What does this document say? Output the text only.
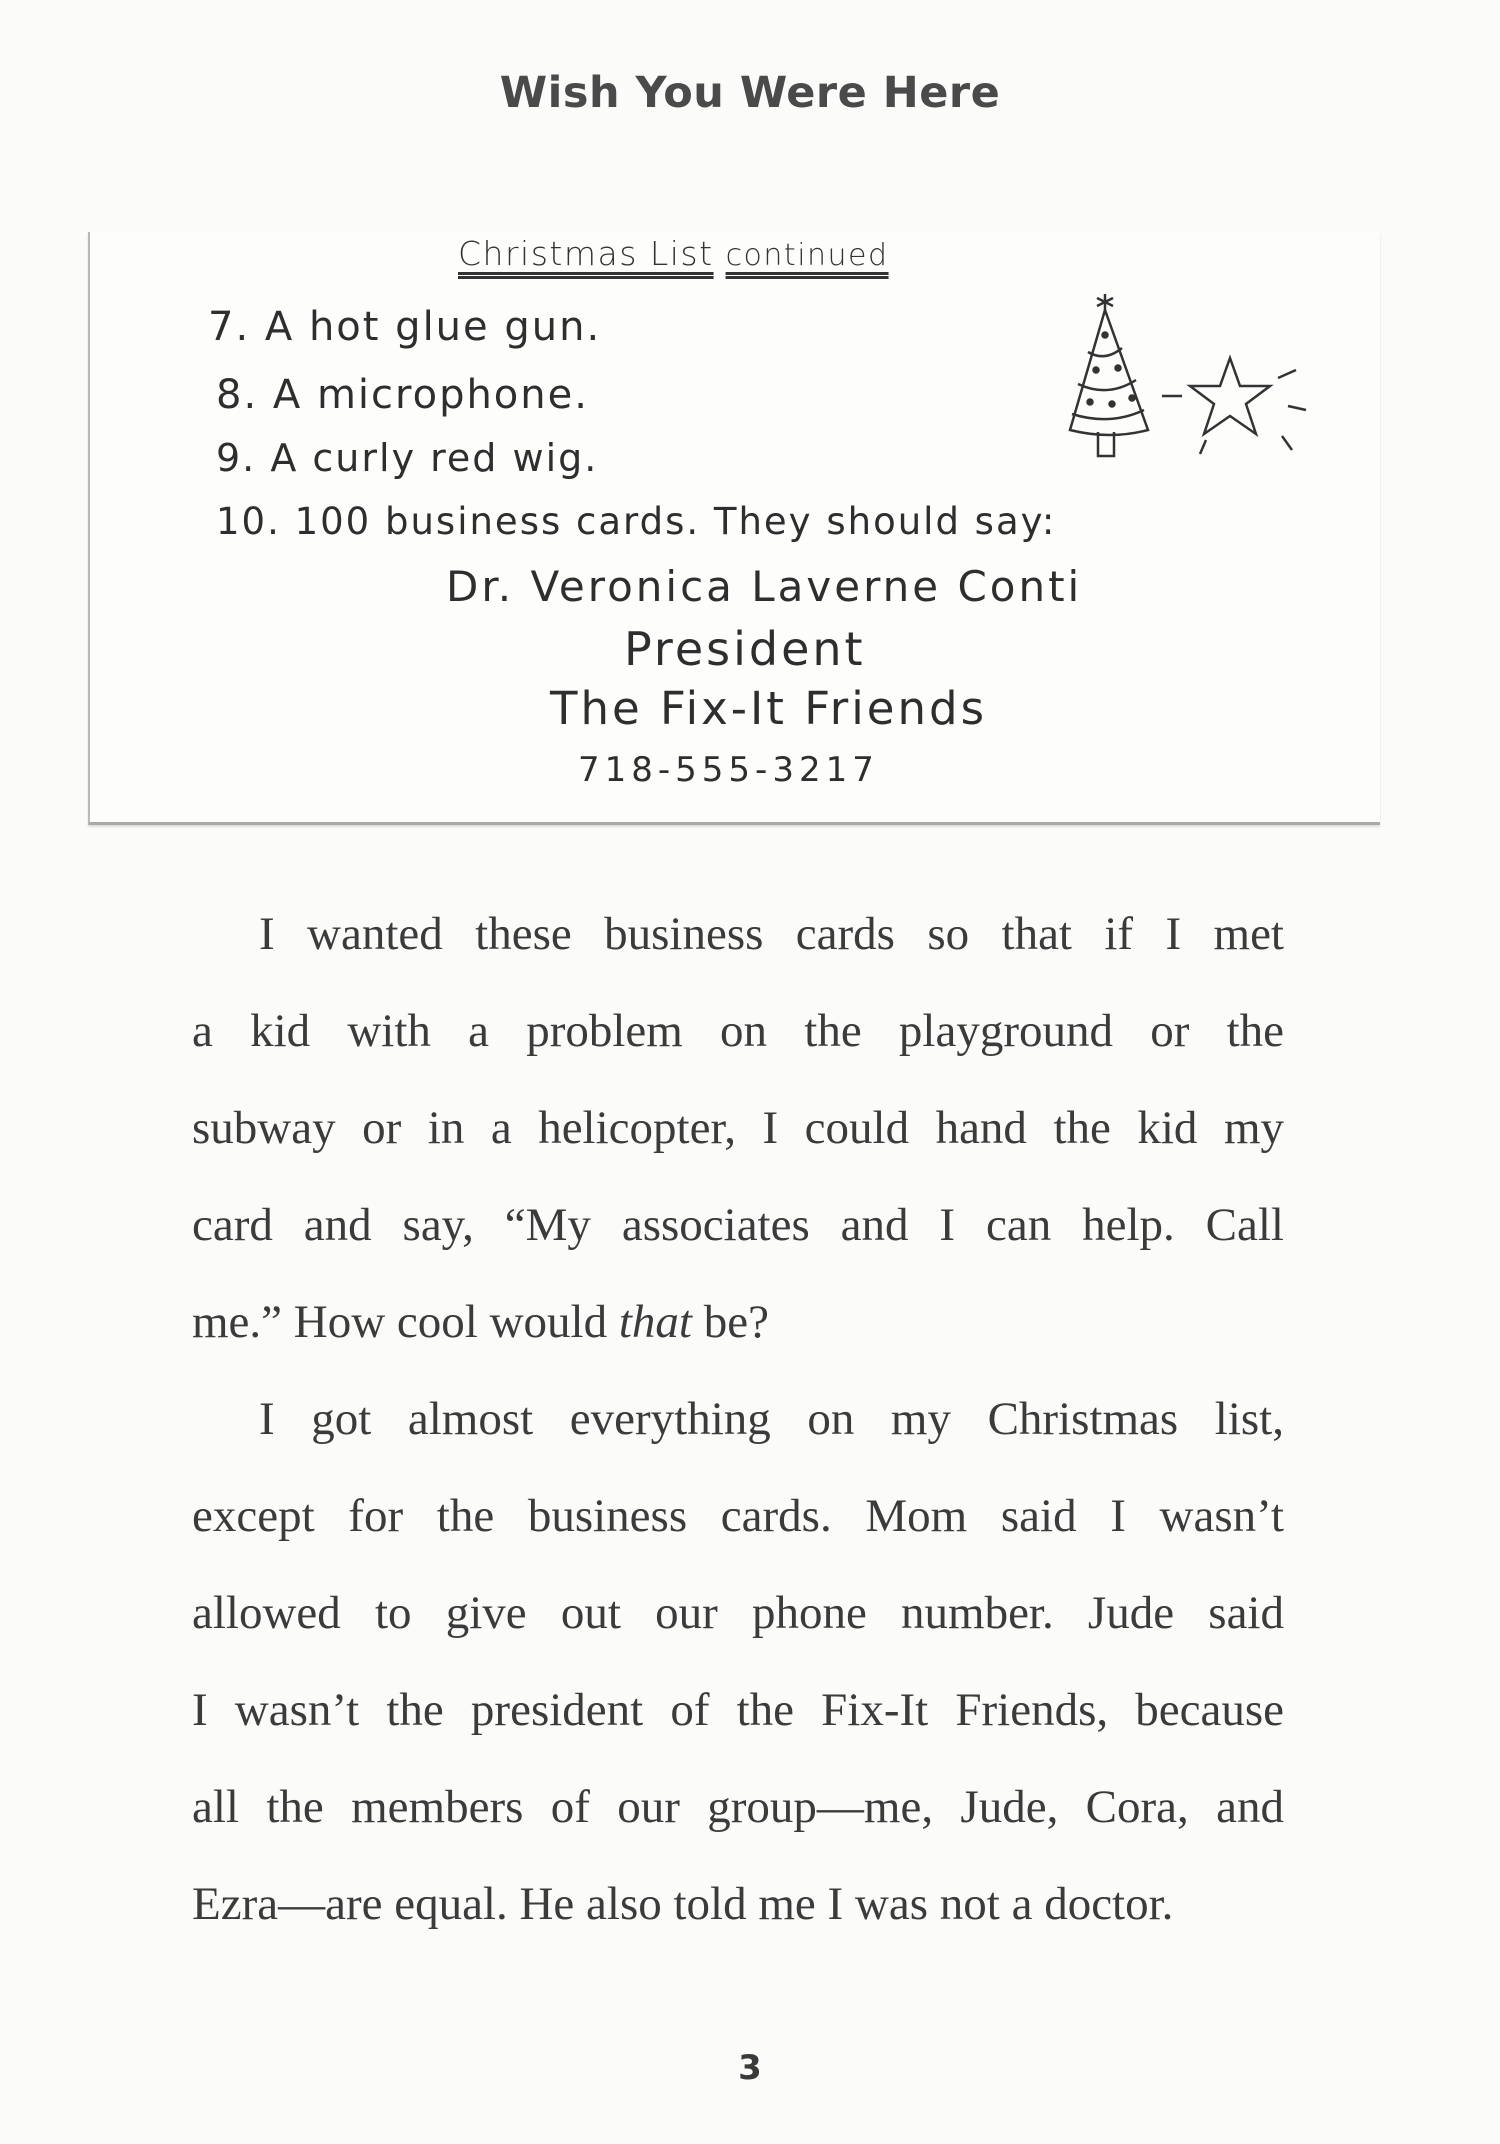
Wish You Were Here
Christmas List continued
7. A hot glue gun.
8. A microphone.
9. A curly red wig.
10. 100 business cards. They should say:
Dr. Veronica Laverne Conti
President
The Fix-It Friends
718-555-3217
I wanted these business cards so that if I met
a kid with a problem on the playground or the
subway or in a helicopter, I could hand the kid my
card and say, “My associates and I can help. Call
me.” How cool would that be?
I got almost everything on my Christmas list,
except for the business cards. Mom said I wasn’t
allowed to give out our phone number. Jude said
I wasn’t the president of the Fix-It Friends, because
all the members of our group—me, Jude, Cora, and
Ezra—are equal. He also told me I was not a doctor.
3
